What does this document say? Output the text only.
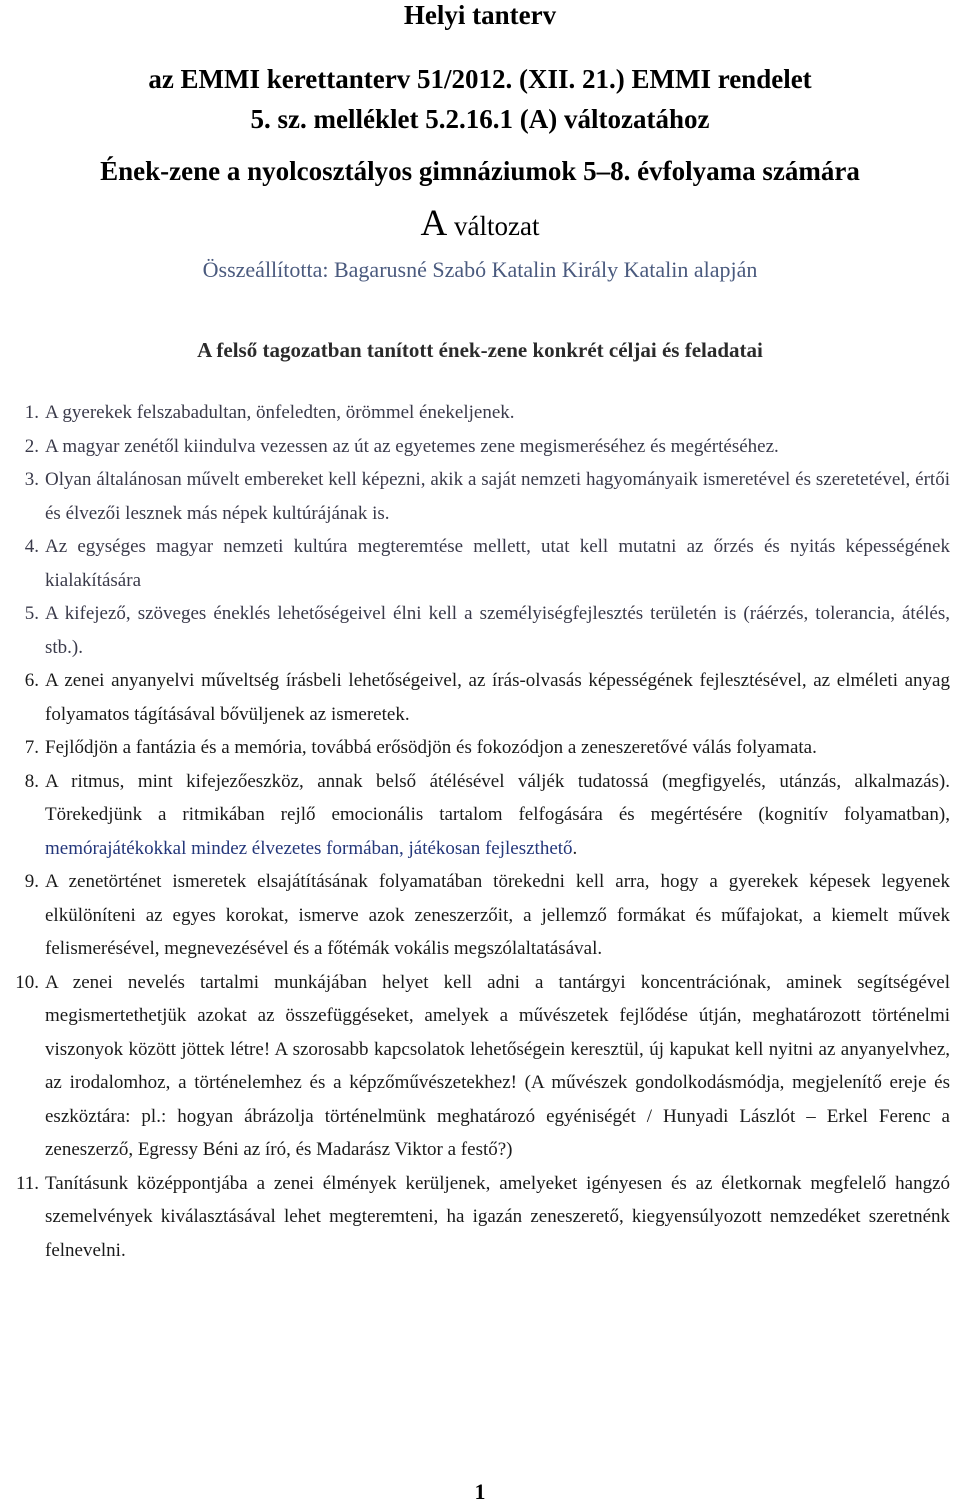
Helyi tanterv
az EMMI kerettanterv 51/2012. (XII. 21.) EMMI rendelet
5. sz. melléklet 5.2.16.1 (A) változatához
Ének-zene a nyolcosztályos gimnáziumok 5–8. évfolyama számára
A változat
Összeállította: Bagarusné Szabó Katalin Király Katalin alapján
A felső tagozatban tanított ének-zene konkrét céljai és feladatai
1. A gyerekek felszabadultan, önfeledten, örömmel énekeljenek.
2. A magyar zenétől kiindulva vezessen az út az egyetemes zene megismeréséhez és megértéséhez.
3. Olyan általánosan művelt embereket kell képezni, akik a saját nemzeti hagyományaik ismeretével és szeretetével, értői és élvezői lesznek más népek kultúrájának is.
4. Az egységes magyar nemzeti kultúra megteremtése mellett, utat kell mutatni az őrzés és nyitás képességének kialakítására
5. A kifejező, szöveges éneklés lehetőségeivel élni kell a személyiségfejlesztés területén is (ráérzés, tolerancia, átélés, stb.).
6. A zenei anyanyelvi műveltség írásbeli lehetőségeivel, az írás-olvasás képességének fejlesztésével, az elméleti anyag folyamatos tágításával bővüljenek az ismeretek.
7. Fejlődjön a fantázia és a memória, továbbá erősödjön és fokozódjon a zeneszeretővé válás folyamata.
8. A ritmus, mint kifejezőeszköz, annak belső átélésével váljék tudatossá (megfigyelés, utánzás, alkalmazás). Törekedjünk a ritmikában rejlő emocionális tartalom felfogására és megértésére (kognitív folyamatban), memórajátékokkal mindez élvezetes formában, játékosan fejleszthető.
9. A zenetörténet ismeretek elsajátításának folyamatában törekedni kell arra, hogy a gyerekek képesek legyenek elkülöníteni az egyes korokat, ismerve azok zeneszerzőit, a jellemző formákat és műfajokat, a kiemelt művek felismerésével, megnevezésével és a főtémák vokális megszólaltatásával.
10. A zenei nevelés tartalmi munkájában helyet kell adni a tantárgyi koncentrációnak, aminek segítségével megismertethetjük azokat az összefüggéseket, amelyek a művészetek fejlődése útján, meghatározott történelmi viszonyok között jöttek létre! A szorosabb kapcsolatok lehetőségein keresztül, új kapukat kell nyitni az anyanyelvhez, az irodalomhoz, a történelemhez és a képzőművészetekhez! (A művészek gondolkodásmódja, megjelenítő ereje és eszköztára: pl.: hogyan ábrázolja történelmünk meghatározó egyéniségét / Hunyadi Lászlót – Erkel Ferenc a zeneszerző, Egressy Béni az író, és Madarász Viktor a festő?)
11. Tanításunk középpontjába a zenei élmények kerüljenek, amelyeket igényesen és az életkornak megfelelő hangzó szemelvények kiválasztásával lehet megteremteni, ha igazán zeneszerető, kiegyensúlyozott nemzedéket szeretnénk felnevelni.
1
